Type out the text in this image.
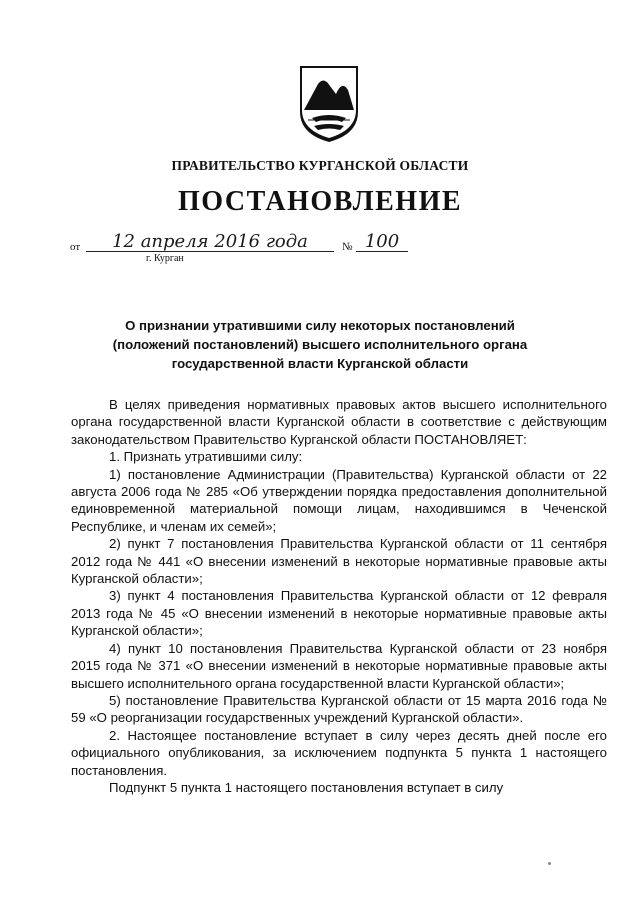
ПРАВИТЕЛЬСТВО КУРГАНСКОЙ ОБЛАСТИ
ПОСТАНОВЛЕНИЕ
от	12 апреля 2016 года	№ 100
г. Курган
О признании утратившими силу некоторых постановлений (положений постановлений) высшего исполнительного органа государственной власти Курганской области

В целях приведения нормативных правовых актов высшего исполнительного органа государственной власти Курганской области в соответствие с действующим законодательством Правительство Курганской области ПОСТАНОВЛЯЕТ:

1. Признать утратившими силу:

1) постановление Администрации (Правительства) Курганской области от 22 августа 2006 года № 285 «Об утверждении порядка предоставления дополнительной единовременной материальной помощи лицам, находившимся в Чеченской Республике, и членам их семей»;

2) пункт 7 постановления Правительства Курганской области от 11 сентября 2012 года № 441 «О внесении изменений в некоторые нормативные правовые акты Курганской области»;

3) пункт 4 постановления Правительства Курганской области от 12 февраля 2013 года № 45 «О внесении изменений в некоторые нормативные правовые акты Курганской области»;

4) пункт 10 постановления Правительства Курганской области от 23 ноября 2015 года № 371 «О внесении изменений в некоторые нормативные правовые акты высшего исполнительного органа государственной власти Курганской области»;

5) постановление Правительства Курганской области от 15 марта 2016 года № 59 «О реорганизации государственных учреждений Курганской области».

2. Настоящее постановление вступает в силу через десять дней после его официального опубликования, за исключением подпункта 5 пункта 1 настоящего постановления.

Подпункт 5 пункта 1 настоящего постановления вступает в силу
